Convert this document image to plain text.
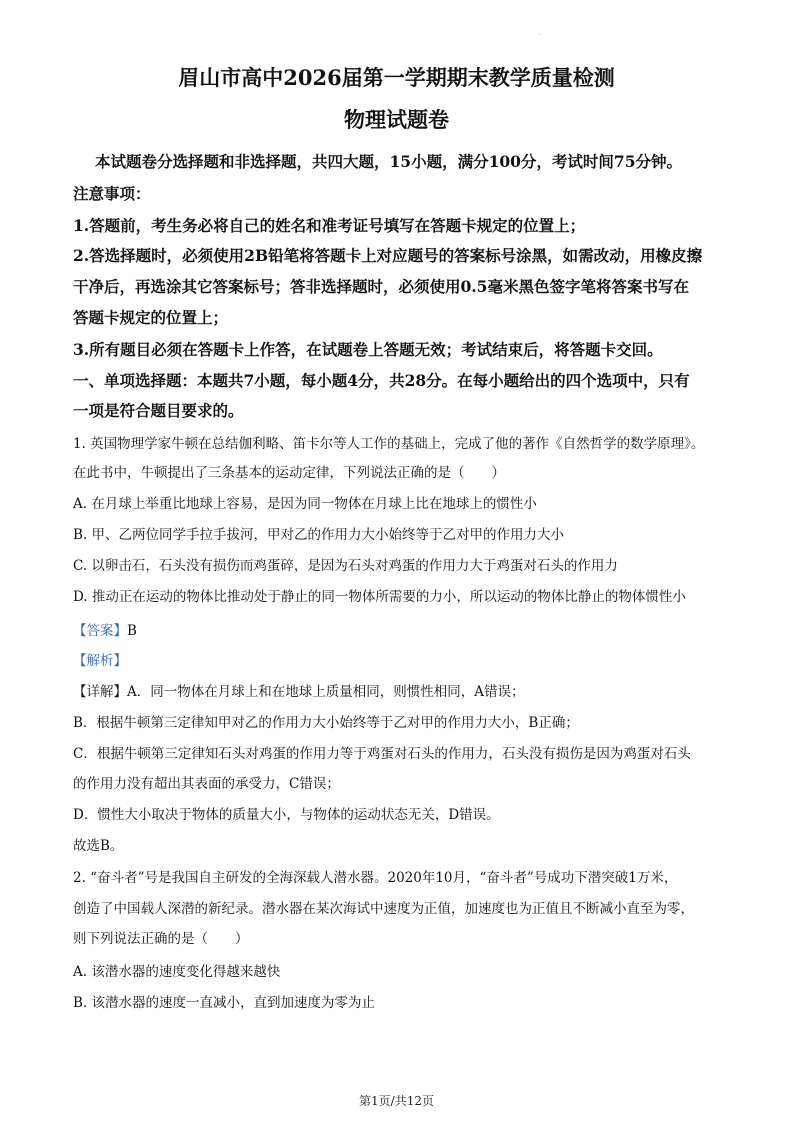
·
眉山市高中2026届第一学期期末教学质量检测
物理试题卷

本试题卷分选择题和非选择题，共四大题，15小题，满分100分，考试时间75分钟。

注意事项：

1.答题前，考生务必将自己的姓名和准考证号填写在答题卡规定的位置上；

2.答选择题时，必须使用2B铅笔将答题卡上对应题号的答案标号涂黑，如需改动，用橡皮擦

干净后，再选涂其它答案标号；答非选择题时，必须使用0.5毫米黑色签字笔将答案书写在

答题卡规定的位置上；

3.所有题目必须在答题卡上作答，在试题卷上答题无效；考试结束后，将答题卡交回。

一、单项选择题：本题共7小题，每小题4分，共28分。在每小题给出的四个选项中，只有

一项是符合题目要求的。

1. 英国物理学家牛顿在总结伽利略、笛卡尔等人工作的基础上，完成了他的著作《自然哲学的数学原理》。

在此书中，牛顿提出了三条基本的运动定律，下列说法正确的是（　　）

A. 在月球上举重比地球上容易，是因为同一物体在月球上比在地球上的惯性小

B. 甲、乙两位同学手拉手拔河，甲对乙的作用力大小始终等于乙对甲的作用力大小

C. 以卵击石，石头没有损伤而鸡蛋碎，是因为石头对鸡蛋的作用力大于鸡蛋对石头的作用力

D. 推动正在运动的物体比推动处于静止的同一物体所需要的力小，所以运动的物体比静止的物体惯性小

【答案】B

【解析】

【详解】A．同一物体在月球上和在地球上质量相同，则惯性相同，A错误；

B．根据牛顿第三定律知甲对乙的作用力大小始终等于乙对甲的作用力大小，B正确；

C．根据牛顿第三定律知石头对鸡蛋的作用力等于鸡蛋对石头的作用力，石头没有损伤是因为鸡蛋对石头

的作用力没有超出其表面的承受力，C错误；

D．惯性大小取决于物体的质量大小，与物体的运动状态无关，D错误。

故选B。

2. “奋斗者”号是我国自主研发的全海深载人潜水器。2020年10月，“奋斗者”号成功下潜突破1万米，

创造了中国载人深潜的新纪录。潜水器在某次海试中速度为正值，加速度也为正值且不断减小直至为零，

则下列说法正确的是（　　）

A. 该潜水器的速度变化得越来越快

B. 该潜水器的速度一直减小，直到加速度为零为止

第1页/共12页
